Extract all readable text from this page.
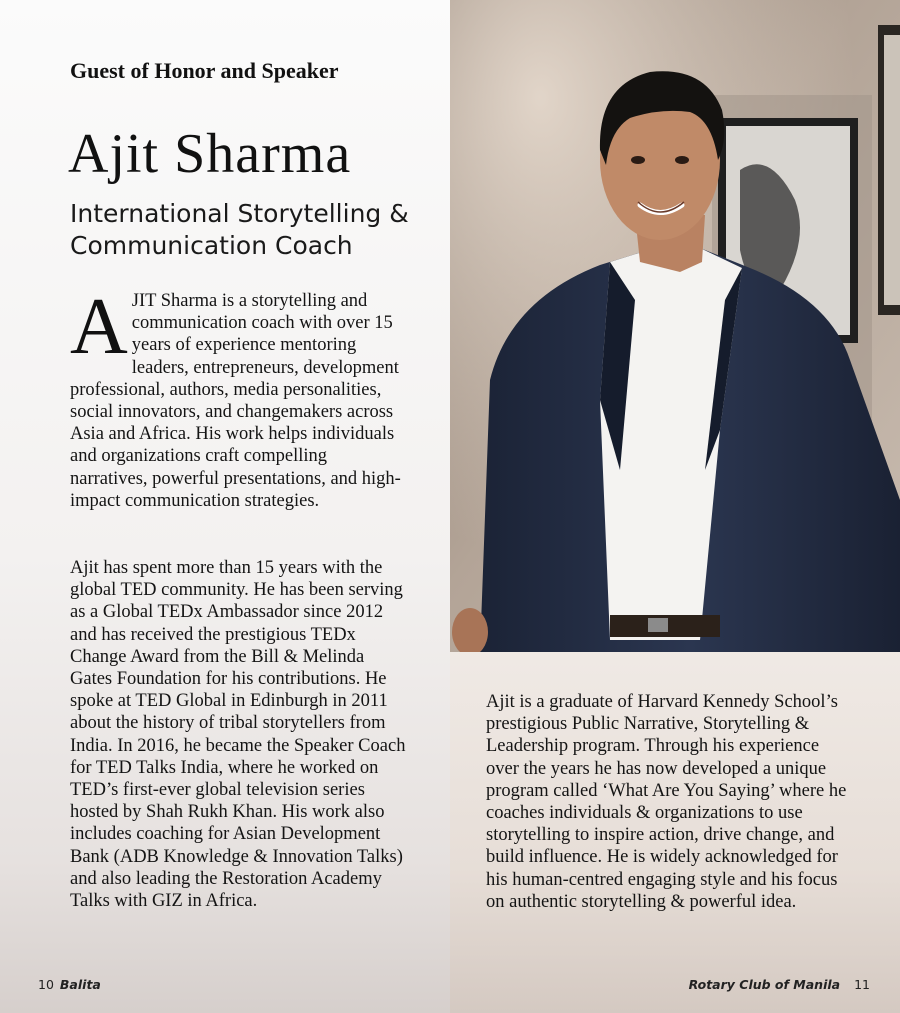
Guest of Honor and Speaker
Ajit Sharma
International Storytelling & Communication Coach

AJIT Sharma is a storytelling and communication coach with over 15 years of experience mentoring leaders, entrepreneurs, development professional, authors, media personalities, social innovators, and changemakers across Asia and Africa. His work helps individuals and organizations craft compelling narratives, powerful presentations, and high-impact communication strategies.

Ajit has spent more than 15 years with the global TED community. He has been serving as a Global TEDx Ambassador since 2012 and has received the prestigious TEDx Change Award from the Bill & Melinda Gates Foundation for his contributions. He spoke at TED Global in Edinburgh in 2011 about the history of tribal storytellers from India. In 2016, he became the Speaker Coach for TED Talks India, where he worked on TED’s first-ever global television series hosted by Shah Rukh Khan. His work also includes coaching for Asian Development Bank (ADB Knowledge & Innovation Talks) and also leading the Restoration Academy Talks with GIZ in Africa.

10 Balita	Rotary Club of Manila 11

Ajit is a graduate of Harvard Kennedy School’s prestigious Public Narrative, Storytelling & Leadership program. Through his experience over the years he has now developed a unique program called ‘What Are You Saying’ where he coaches individuals & organizations to use storytelling to inspire action, drive change, and build influence. He is widely acknowledged for his human-centred engaging style and his focus on authentic storytelling & powerful idea.
